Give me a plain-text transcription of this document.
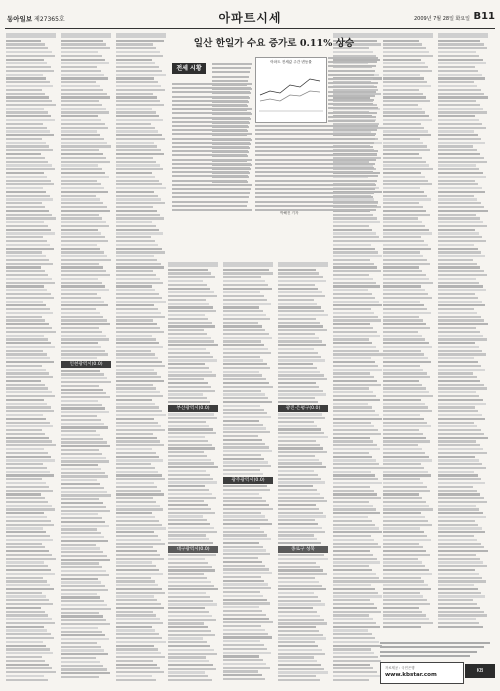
동아일보 제27365호	아파트시세	2009년 7월 28일 화요일 B11
인천광역시(0.0)
부산광역시(0.0)
대구광역시(0.0)
광주광역시(0.0)
광진·은평구(0.0)
종로구 성북
일산 한일가 수요 증가로 0.11% 상승
전세 시황
아파트 전세값 주간 변동률
박해진 기자
자료제공 : 국민은행
www.kbstar.com
KB
